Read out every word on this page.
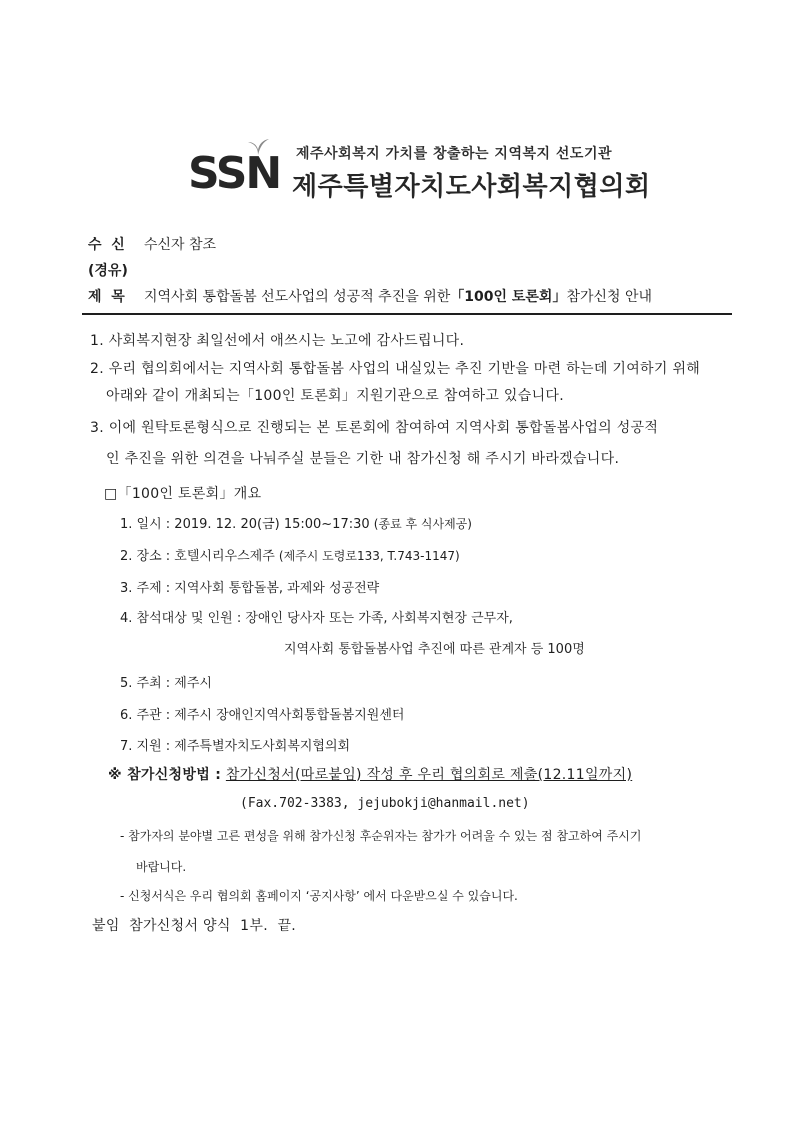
제주사회복지 가치를 창출하는 지역복지 선도기관
SSN 제주특별자치도사회복지협의회
수  신 수신자 참조
(경유)
제  목 지역사회 통합돌봄 선도사업의 성공적 추진을 위한「100인 토론회」참가신청 안내
1. 사회복지현장 최일선에서 애쓰시는 노고에 감사드립니다.
2. 우리 협의회에서는 지역사회 통합돌봄 사업의 내실있는 추진 기반을 마련 하는데 기여하기 위해
아래와 같이 개최되는「100인 토론회」지원기관으로 참여하고 있습니다.
3. 이에 원탁토론형식으로 진행되는 본 토론회에 참여하여 지역사회 통합돌봄사업의 성공적
인 추진을 위한 의견을 나눠주실 분들은 기한 내 참가신청 해 주시기 바라겠습니다.
□「100인 토론회」개요
1. 일시 : 2019. 12. 20(금) 15:00~17:30 (종료 후 식사제공)
2. 장소 : 호텔시리우스제주 (제주시 도령로133, T.743-1147)
3. 주제 : 지역사회 통합돌봄, 과제와 성공전략
4. 참석대상 및 인원 : 장애인 당사자 또는 가족, 사회복지현장 근무자,
지역사회 통합돌봄사업 추진에 따른 관계자 등 100명
5. 주최 : 제주시
6. 주관 : 제주시 장애인지역사회통합돌봄지원센터
7. 지원 : 제주특별자치도사회복지협의회
※ 참가신청방법 : 참가신청서(따로붙임) 작성 후 우리 협의회로 제출(12.11일까지)
(Fax.702-3383, jejubokji@hanmail.net)
- 참가자의 분야별 고른 편성을 위해 참가신청 후순위자는 참가가 어려울 수 있는 점 참고하여 주시기
바랍니다.
- 신청서식은 우리 협의회 홈페이지 ‘공지사항’ 에서 다운받으실 수 있습니다.
붙임  참가신청서 양식  1부.  끝.
